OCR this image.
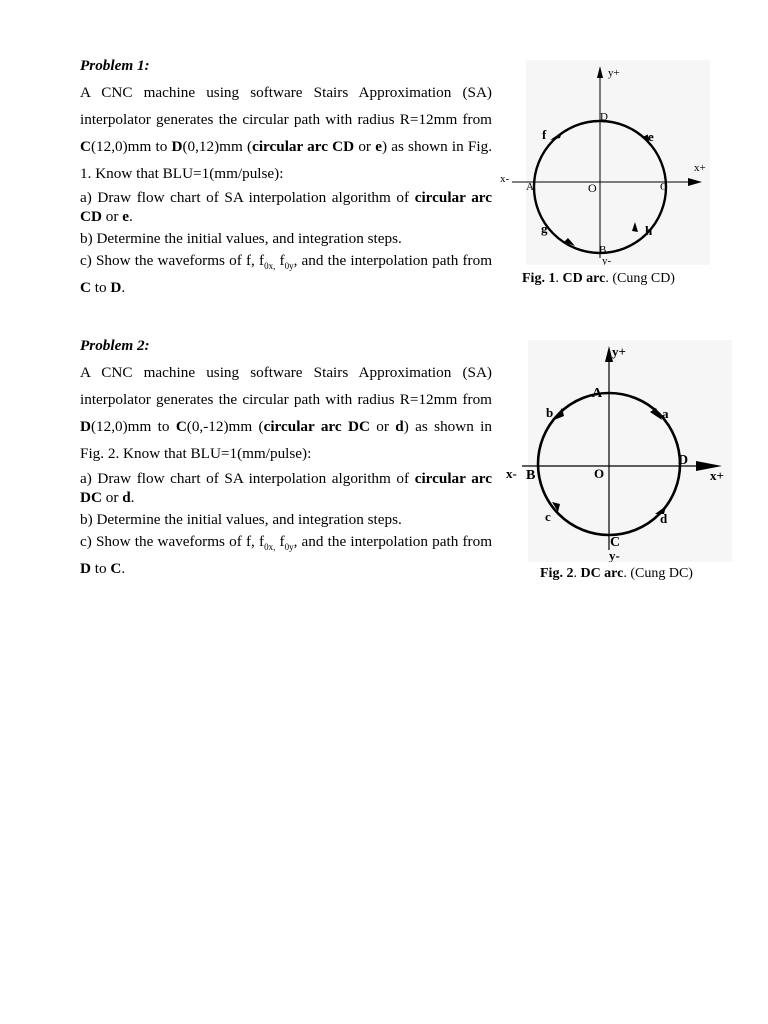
Problem 1:

A CNC machine using software Stairs Approximation (SA) interpolator generates the circular path with radius R=12mm from C(12,0)mm to D(0,12)mm (circular arc CD or e) as shown in Fig. 1. Know that BLU=1(mm/pulse):

a) Draw flow chart of SA interpolation algorithm of circular arc CD or e.

b) Determine the initial values, and integration steps.

c) Show the waveforms of f, $f_{0x,}$ $f_{0y}$, and the interpolation path from C to D.

y+
y-
x+
x-
O
A
B
C
D
e
f
g	h
Fig. 1. CD arc. (Cung CD)

Problem 2:

A CNC machine using software Stairs Approximation (SA) interpolator generates the circular path with radius R=12mm from D(12,0)mm to C(0,-12)mm (circular arc DC or d) as shown in Fig. 2. Know that BLU=1(mm/pulse):

a) Draw flow chart of SA interpolation algorithm of circular arc DC or d.

b) Determine the initial values, and integration steps.

c) Show the waveforms of f, $f_{0x,}$ $f_{0y}$, and the interpolation path from D to C.

y+
y-
x+
x-	O
A
B
C
D
a
b
c	d
Fig. 2. DC arc. (Cung DC)
